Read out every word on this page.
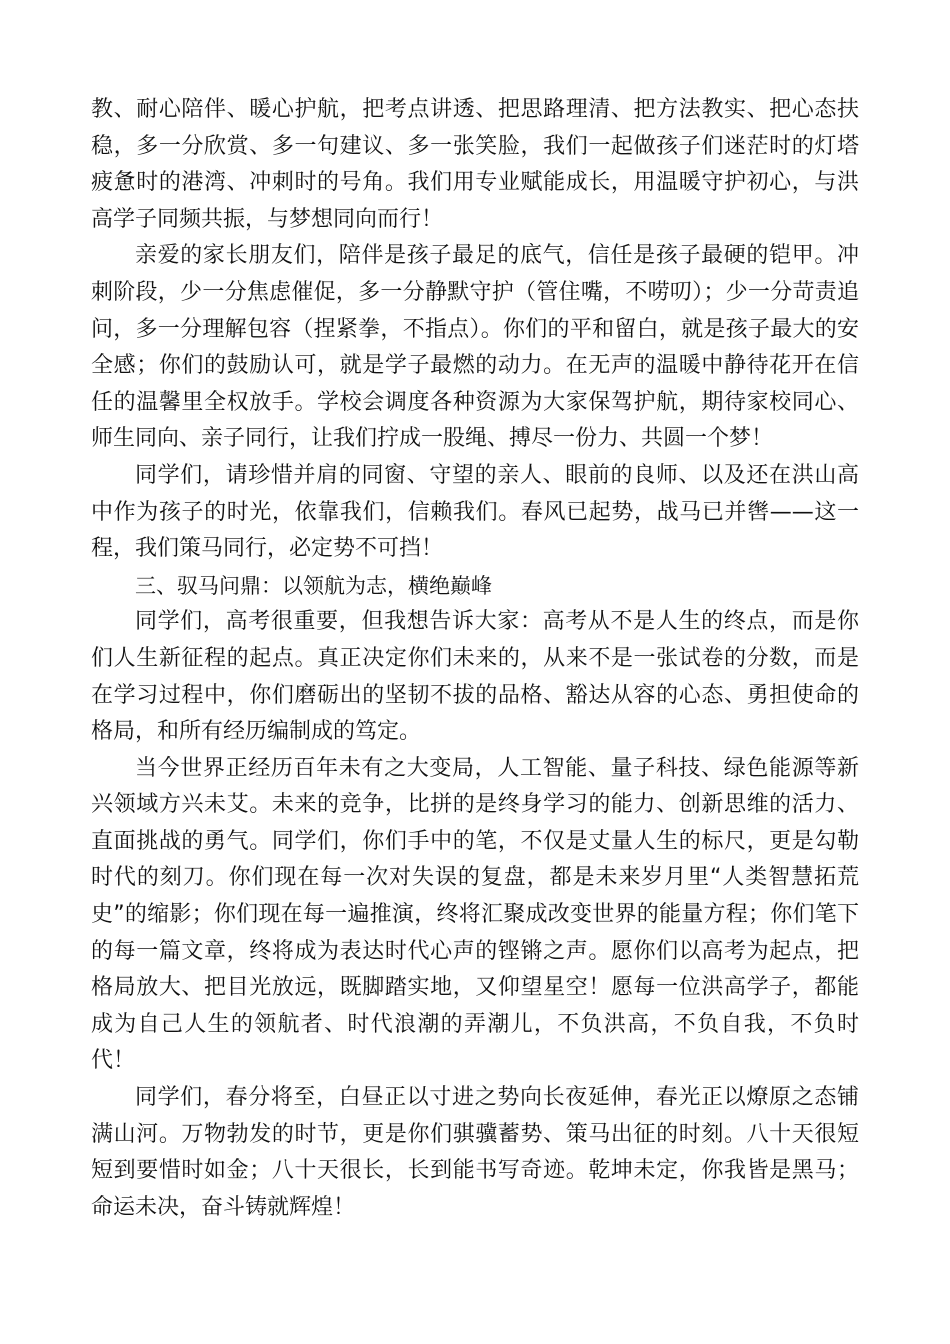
教、耐心陪伴、暖心护航，把考点讲透、把思路理清、把方法教实、把心态扶稳，多一分欣赏、多一句建议、多一张笑脸，我们一起做孩子们迷茫时的灯塔疲惫时的港湾、冲刺时的号角。我们用专业赋能成长，用温暖守护初心，与洪高学子同频共振，与梦想同向而行！

亲爱的家长朋友们，陪伴是孩子最足的底气，信任是孩子最硬的铠甲。冲刺阶段，少一分焦虑催促，多一分静默守护（管住嘴，不唠叨）；少一分苛责追问，多一分理解包容（捏紧拳，不指点）。你们的平和留白，就是孩子最大的安全感；你们的鼓励认可，就是学子最燃的动力。在无声的温暖中静待花开在信任的温馨里全权放手。学校会调度各种资源为大家保驾护航，期待家校同心、师生同向、亲子同行，让我们拧成一股绳、搏尽一份力、共圆一个梦！

同学们，请珍惜并肩的同窗、守望的亲人、眼前的良师、以及还在洪山高中作为孩子的时光，依靠我们，信赖我们。春风已起势，战马已并辔——这一程，我们策马同行，必定势不可挡！

三、驭马问鼎：以领航为志，横绝巅峰

同学们，高考很重要，但我想告诉大家：高考从不是人生的终点，而是你们人生新征程的起点。真正决定你们未来的，从来不是一张试卷的分数，而是在学习过程中，你们磨砺出的坚韧不拔的品格、豁达从容的心态、勇担使命的格局，和所有经历编制成的笃定。

当今世界正经历百年未有之大变局，人工智能、量子科技、绿色能源等新兴领域方兴未艾。未来的竞争，比拼的是终身学习的能力、创新思维的活力、直面挑战的勇气。同学们，你们手中的笔，不仅是丈量人生的标尺，更是勾勒时代的刻刀。你们现在每一次对失误的复盘，都是未来岁月里“人类智慧拓荒史”的缩影；你们现在每一遍推演，终将汇聚成改变世界的能量方程；你们笔下的每一篇文章，终将成为表达时代心声的铿锵之声。愿你们以高考为起点，把格局放大、把目光放远，既脚踏实地，又仰望星空！愿每一位洪高学子，都能成为自己人生的领航者、时代浪潮的弄潮儿，不负洪高，不负自我，不负时代！

同学们，春分将至，白昼正以寸进之势向长夜延伸，春光正以燎原之态铺满山河。万物勃发的时节，更是你们骐骥蓄势、策马出征的时刻。八十天很短短到要惜时如金；八十天很长，长到能书写奇迹。乾坤未定，你我皆是黑马；命运未决，奋斗铸就辉煌！
